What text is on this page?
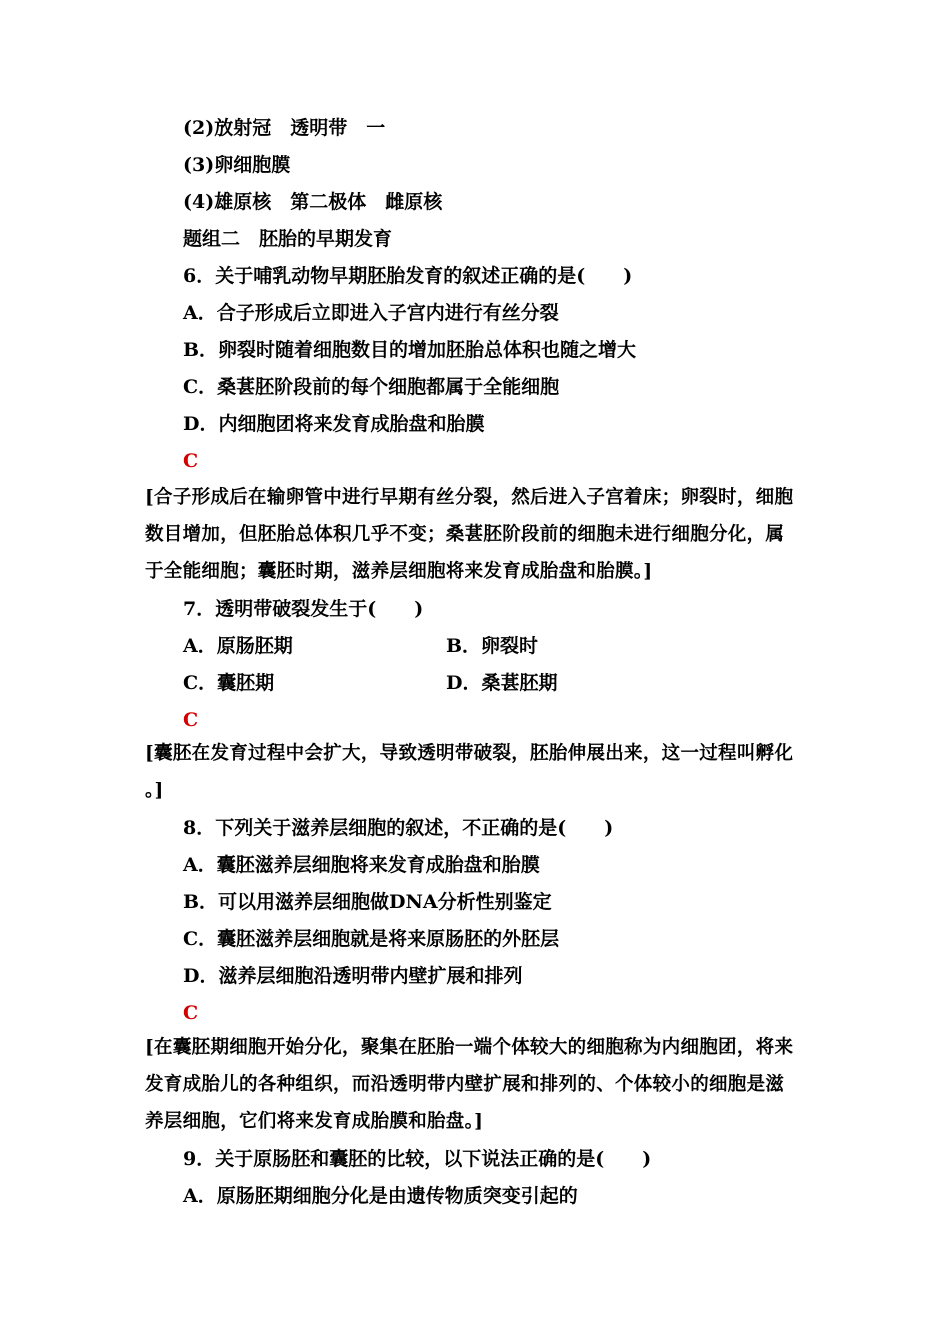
(2)放射冠　透明带　一
(3)卵细胞膜
(4)雄原核　第二极体　雌原核
题组二　胚胎的早期发育
6．关于哺乳动物早期胚胎发育的叙述正确的是(　　)
A．合子形成后立即进入子宫内进行有丝分裂
B．卵裂时随着细胞数目的增加胚胎总体积也随之增大
C．桑葚胚阶段前的每个细胞都属于全能细胞
D．内细胞团将来发育成胎盘和胎膜
C
[合子形成后在输卵管中进行早期有丝分裂，然后进入子宫着床；卵裂时，细胞
数目增加，但胚胎总体积几乎不变；桑葚胚阶段前的细胞未进行细胞分化，属
于全能细胞；囊胚时期，滋养层细胞将来发育成胎盘和胎膜。]
7．透明带破裂发生于(　　)
A．原肠胚期	B．卵裂时
C．囊胚期	D．桑葚胚期
C
[囊胚在发育过程中会扩大，导致透明带破裂，胚胎伸展出来，这一过程叫孵化
。]
8．下列关于滋养层细胞的叙述，不正确的是(　　)
A．囊胚滋养层细胞将来发育成胎盘和胎膜
B．可以用滋养层细胞做DNA分析性别鉴定
C．囊胚滋养层细胞就是将来原肠胚的外胚层
D．滋养层细胞沿透明带内壁扩展和排列
C
[在囊胚期细胞开始分化，聚集在胚胎一端个体较大的细胞称为内细胞团，将来
发育成胎儿的各种组织，而沿透明带内壁扩展和排列的、个体较小的细胞是滋
养层细胞，它们将来发育成胎膜和胎盘。]
9．关于原肠胚和囊胚的比较，以下说法正确的是(　　)
A．原肠胚期细胞分化是由遗传物质突变引起的
